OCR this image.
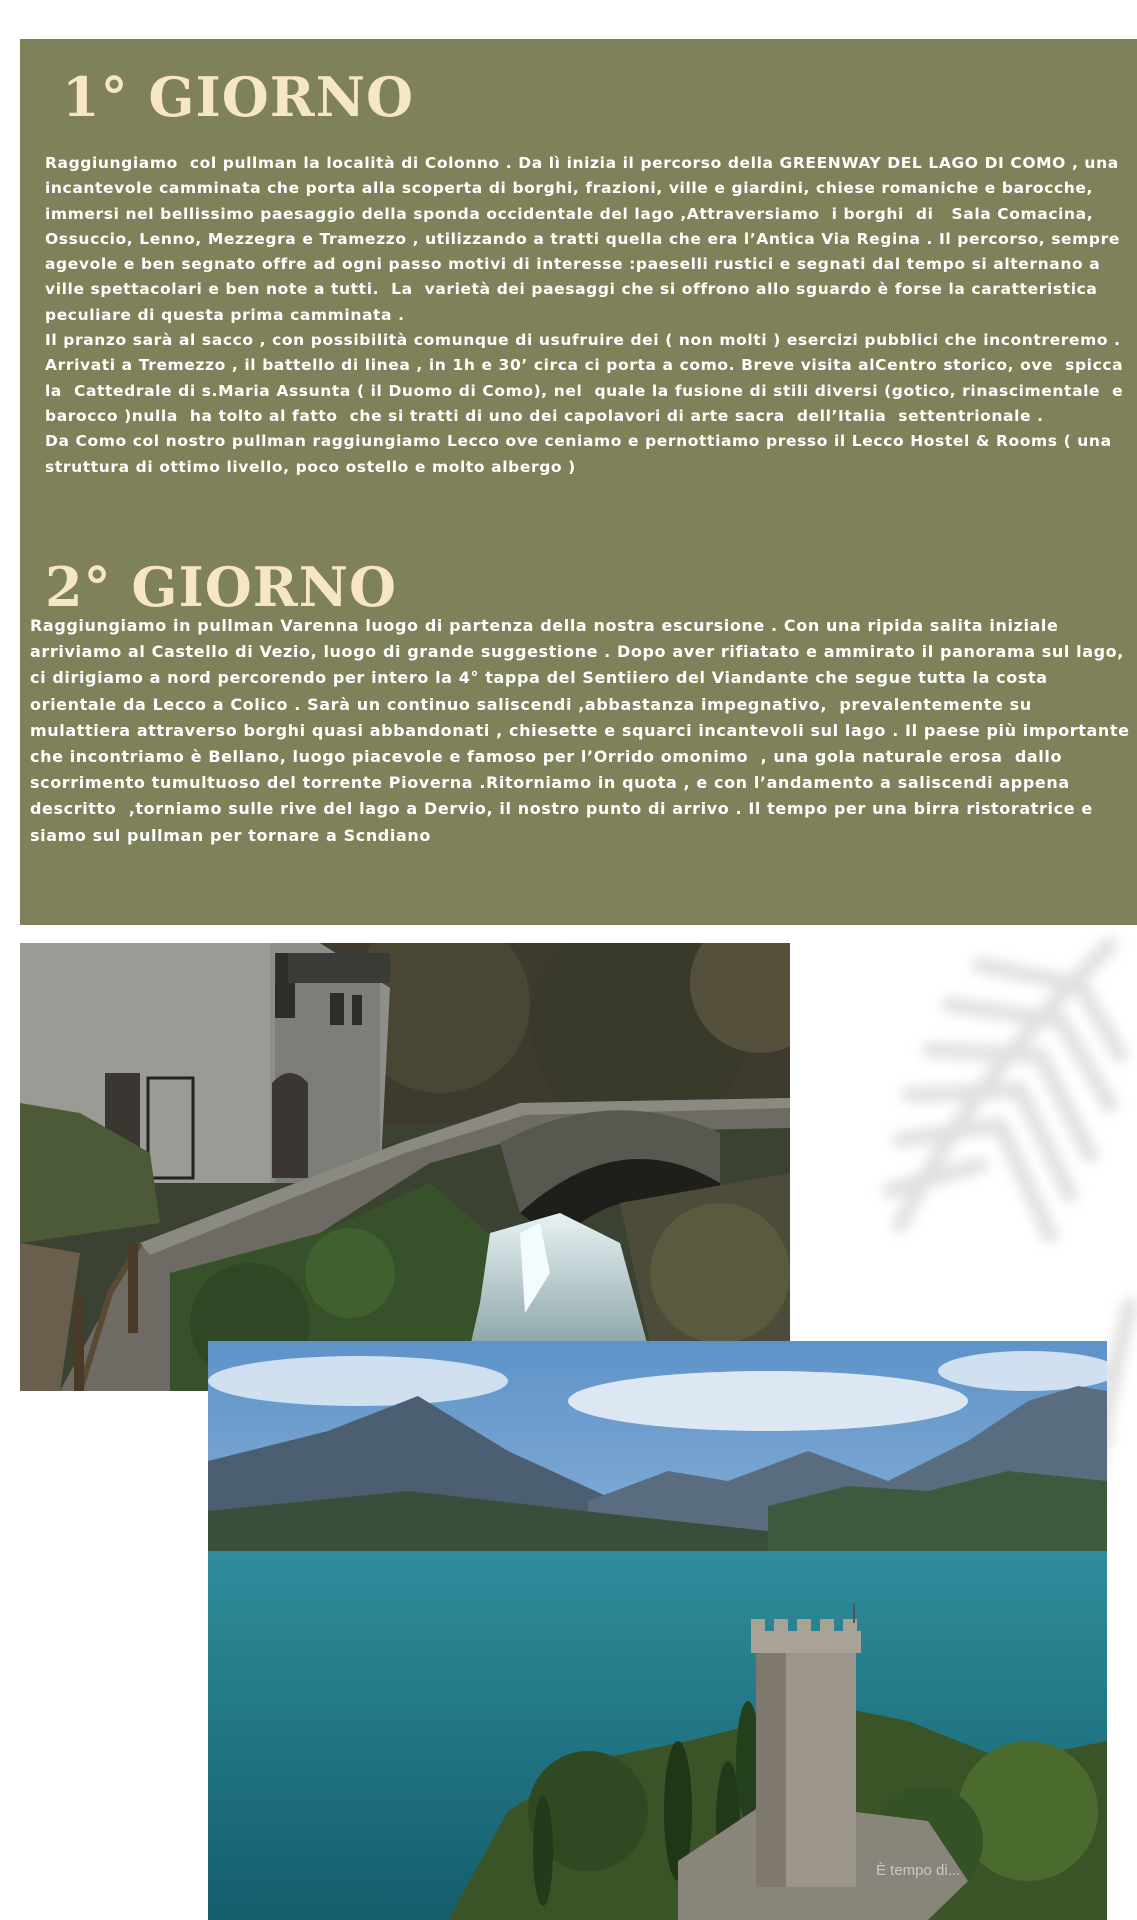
1° GIORNO

Raggiungiamo  col pullman la località di Colonno . Da lì inizia il percorso della GREENWAY DEL LAGO DI COMO , una incantevole camminata che porta alla scoperta di borghi, frazioni, ville e giardini, chiese romaniche e barocche, immersi nel bellissimo paesaggio della sponda occidentale del lago ,Attraversiamo  i borghi  di   Sala Comacina, Ossuccio, Lenno, Mezzegra e Tramezzo , utilizzando a tratti quella che era l’Antica Via Regina . Il percorso, sempre agevole e ben segnato offre ad ogni passo motivi di interesse :paeselli rustici e segnati dal tempo si alternano a ville spettacolari e ben note a tutti.  La  varietà dei paesaggi che si offrono allo sguardo è forse la caratteristica peculiare di questa prima camminata .
Il pranzo sarà al sacco , con possibilità comunque di usufruire dei ( non molti ) esercizi pubblici che incontreremo .  Arrivati a Tremezzo , il battello di linea , in 1h e 30’ circa ci porta a como. Breve visita alCentro storico, ove  spicca la  Cattedrale di s.Maria Assunta ( il Duomo di Como), nel  quale la fusione di stili diversi (gotico, rinascimentale  e barocco )nulla  ha tolto al fatto  che si tratti di uno dei capolavori di arte sacra  dell’Italia  settentrionale .
Da Como col nostro pullman raggiungiamo Lecco ove ceniamo e pernottiamo presso il Lecco Hostel & Rooms ( una struttura di ottimo livello, poco ostello e molto albergo )

2° GIORNO

Raggiungiamo in pullman Varenna luogo di partenza della nostra escursione . Con una ripida salita iniziale arriviamo al Castello di Vezio, luogo di grande suggestione . Dopo aver rifiatato e ammirato il panorama sul lago, ci dirigiamo a nord percorendo per intero la 4° tappa del Sentiiero del Viandante che segue tutta la costa orientale da Lecco a Colico . Sarà un continuo saliscendi ,abbastanza impegnativo,  prevalentemente su mulattiera attraverso borghi quasi abbandonati , chiesette e squarci incantevoli sul lago . Il paese più importante che incontriamo è Bellano, luogo piacevole e famoso per l’Orrido omonimo  , una gola naturale erosa  dallo scorrimento tumultuoso del torrente Pioverna .Ritorniamo in quota , e con l’andamento a saliscendi appena descritto  ,torniamo sulle rive del lago a Dervio, il nostro punto di arrivo . Il tempo per una birra ristoratrice e siamo sul pullman per tornare a Scndiano

È tempo di...
